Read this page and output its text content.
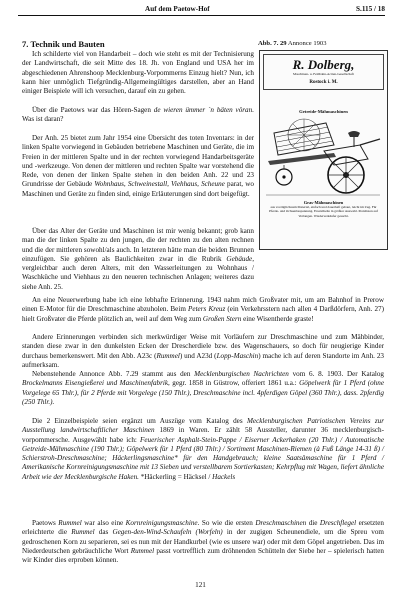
Auf dem Paetow-Hof	S.115 / 18
7. Technik und Bauten	Abb. 7. 29 Annonce 1903
R. Dolberg,
Maschinen- u. Feldbahn-Actien-Gesellschaft
Rostock i. M.
Getreide-Mähmaschinen
Gras-Mähmaschinen
aus vorzüglichstem Material, einfach und dauerhaft gebaut, leicht im Zug. Für Pferde- und Ochsenbespannung. Ersatztheile in größter Auswahl. Preislisten auf Verlangen. Wiederverkäufer gesucht.

Ich schilderte viel von Handarbeit – doch wie steht es mit der Technisierung der Landwirtschaft, die seit Mitte des 18. Jh. von England und USA her im abgeschiedenen Ahrenshoop Mecklenburg-Vorpommerns Einzug hielt? Nun, ich kann hier unmöglich Tiefgründig-Allgemeingültiges darstellen, aber an Hand einiger Beispiele will ich versuchen, darauf ein zu gehen.

Über die Paetows war das Hören-Sagen de wieren ümmer ´n bäten vöran. Was ist daran?

Der Anh. 25 bietet zum Jahr 1954 eine Übersicht des toten Inventars: in der linken Spalte vorwiegend in Gebäuden betriebene Maschinen und Geräte, die im Freien in der mittleren Spalte und in der rechten vorwiegend Handarbeitsgeräte und -werkzeuge. Von denen der mittleren und rechten Spalte war vorstehend die Rede, von denen der linken Spalte stehen in den beiden Anh. 22 und 23 Grundrisse der Gebäude Wohnhaus, Schweinestall, Viehhaus, Scheune parat, wo Maschinen und Geräte zu finden sind, einige Erläuterungen sind dort beigefügt.

Über das Alter der Geräte und Maschinen ist mir wenig bekannt; grob kann man die der linken Spalte zu den jungen, die der rechten zu den alten rechnen und die der mittleren sowohl/als auch. In letzteren hätte man die beiden Brunnen einzufügen. Sie gehören als Baulichkeiten zwar in die Rubrik Gebäude, vergleichbar auch deren Alters, mit den Wasserleitungen zu Wohnhaus / Waschküche und Viehhaus zu den neueren technischen Anlagen; weiteres dazu siehe Anh. 25.

An eine Neuerwerbung habe ich eine lebhafte Erinnerung. 1943 nahm mich Großvater mit, um am Bahnhof in Prerow einen E-Motor für die Dreschmaschine abzuholen. Beim Peters Kreuz (ein Verkehrsstern nach allen 4 Darßdörfern, Anh. 27) hielt Großvater die Pferde plötzlich an, weil auf dem Weg zum Großen Stern eine Wisentherde graste!

Andere Erinnerungen verbinden sich merkwürdiger Weise mit Vorläufern zur Dreschmaschine und zum Mähbinder, standen diese zwar in den dunkelsten Ecken der Drescherdiele bzw. des Wagenschauers, so doch für neugierige Kinder durchaus bemerkenswert. Mit den Abb. A23c (Rummel) und A23d (Lopp-Maschin) mache ich auf deren Standorte im Anh. 23 aufmerksam.

Nebenstehende Annonce Abb. 7.29 stammt aus den Mecklenburgischen Nachrichten vom 6. 8. 1903. Der Katalog Brockelmanns Eisengießerei und Maschinenfabrik, gegr. 1858 in Güstrow, offeriert 1861 u.a.: Göpelwerk für 1 Pferd (ohne Vorgelege 65 Thlr.), für 2 Pferde mit Vorgelege (150 Thlr.), Dreschmaschine incl. 4pferdigen Göpel (360 Thlr.), dass. 2pferdig (250 Thlr.).

Die 2 Einzelbeispiele seien ergänzt um Auszüge vom Katalog des Mecklenburgischen Patriotischen Vereins zur Ausstellung landwirtschaftlicher Maschinen 1869 in Waren. Er zählt 58 Aussteller, darunter 36 mecklenburgisch-vorpommersche. Ausgewählt habe ich: Feuerischer Asphalt-Stein-Pappe / Eiserner Ackerhaken (20 Thlr.) / Automatische Getreide-Mähmaschine (190 Thlr.); Göpelwerk für 1 Pferd (80 Thlr.) / Sortiment Maschinen-Riemen (à Fuß Länge 14-31 ß) / Schierstroh-Dreschmaschine; Häckerlingsmaschine* für den Handgebrauch; kleine Saatsämaschine für 1 Pferd / Amerikanische Kornreinigungsmaschine mit 13 Sieben und verstellbarem Sortierkasten; Kehrpflug mit Wagen, liefert ähnliche Arbeit wie der Mecklenburgische Haken. *Häckerling = Häcksel / Hackels

Paetows Rummel war also eine Kornreinigungsmaschine. So wie die ersten Dreschmaschinen die Dreschflegel ersetzten erleichterte die Rummel das Gegen-den-Wind-Schaufeln (Worfeln) in der zugigen Scheunendiele, um die Spreu vom gedroschenen Korn zu separieren, sei es nun mit der Handkurbel (wie es unsere war) oder mit dem Göpel angetrieben. Das im Niederdeutschen gebräuchliche Wort Rummel passt vortrefflich zum dröhnenden Schütteln der Siebe her – spielerisch hatten wir Kinder dies erproben können.

121
